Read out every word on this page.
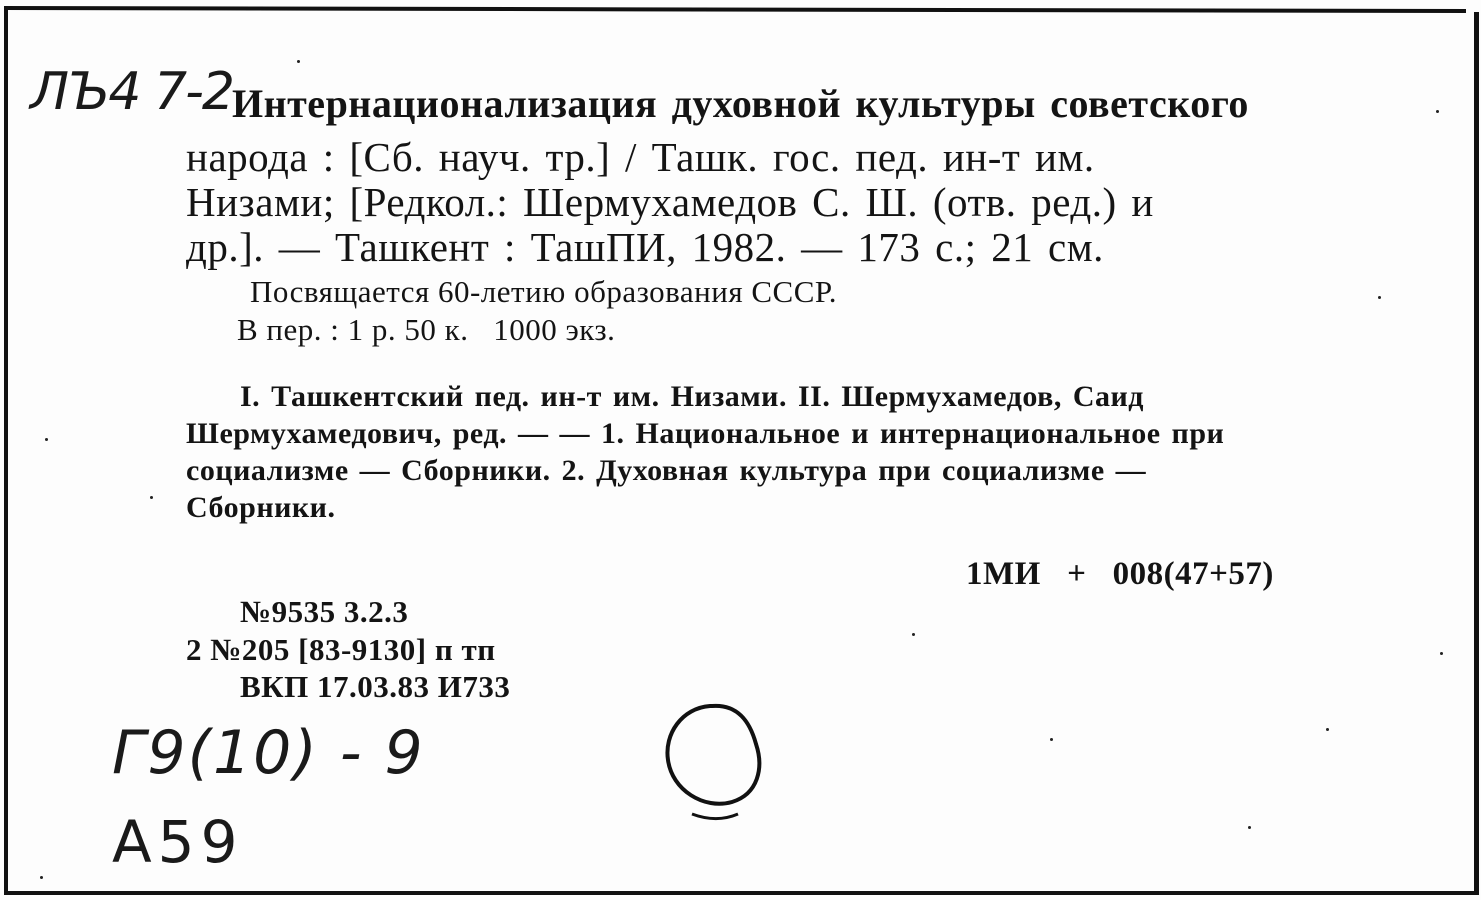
ЛЪ4 7-2 Интернационализация духовной культуры советского
народа : [Сб. науч. тр.] / Ташк. гос. пед. ин-т им.
Низами; [Редкол.: Шермухамедов С. Ш. (отв. ред.) и
др.]. — Ташкент : ТашПИ, 1982. — 173 с.; 21 см.
Посвящается 60-летию образования СССР.
В пер. : 1 р. 50 к.   1000 экз.
I. Ташкентский пед. ин-т им. Низами. II. Шермухамедов, Саид
Шермухамедович, ред. — — 1. Национальное и интернациональное при
социализме — Сборники. 2. Духовная культура при социализме —
Сборники.
1МИ   +   008(47+57)
№9535 3.2.3
2 №205 [83-9130] п тп
ВКП 17.03.83 И733
Г9(10) - 9
А59
